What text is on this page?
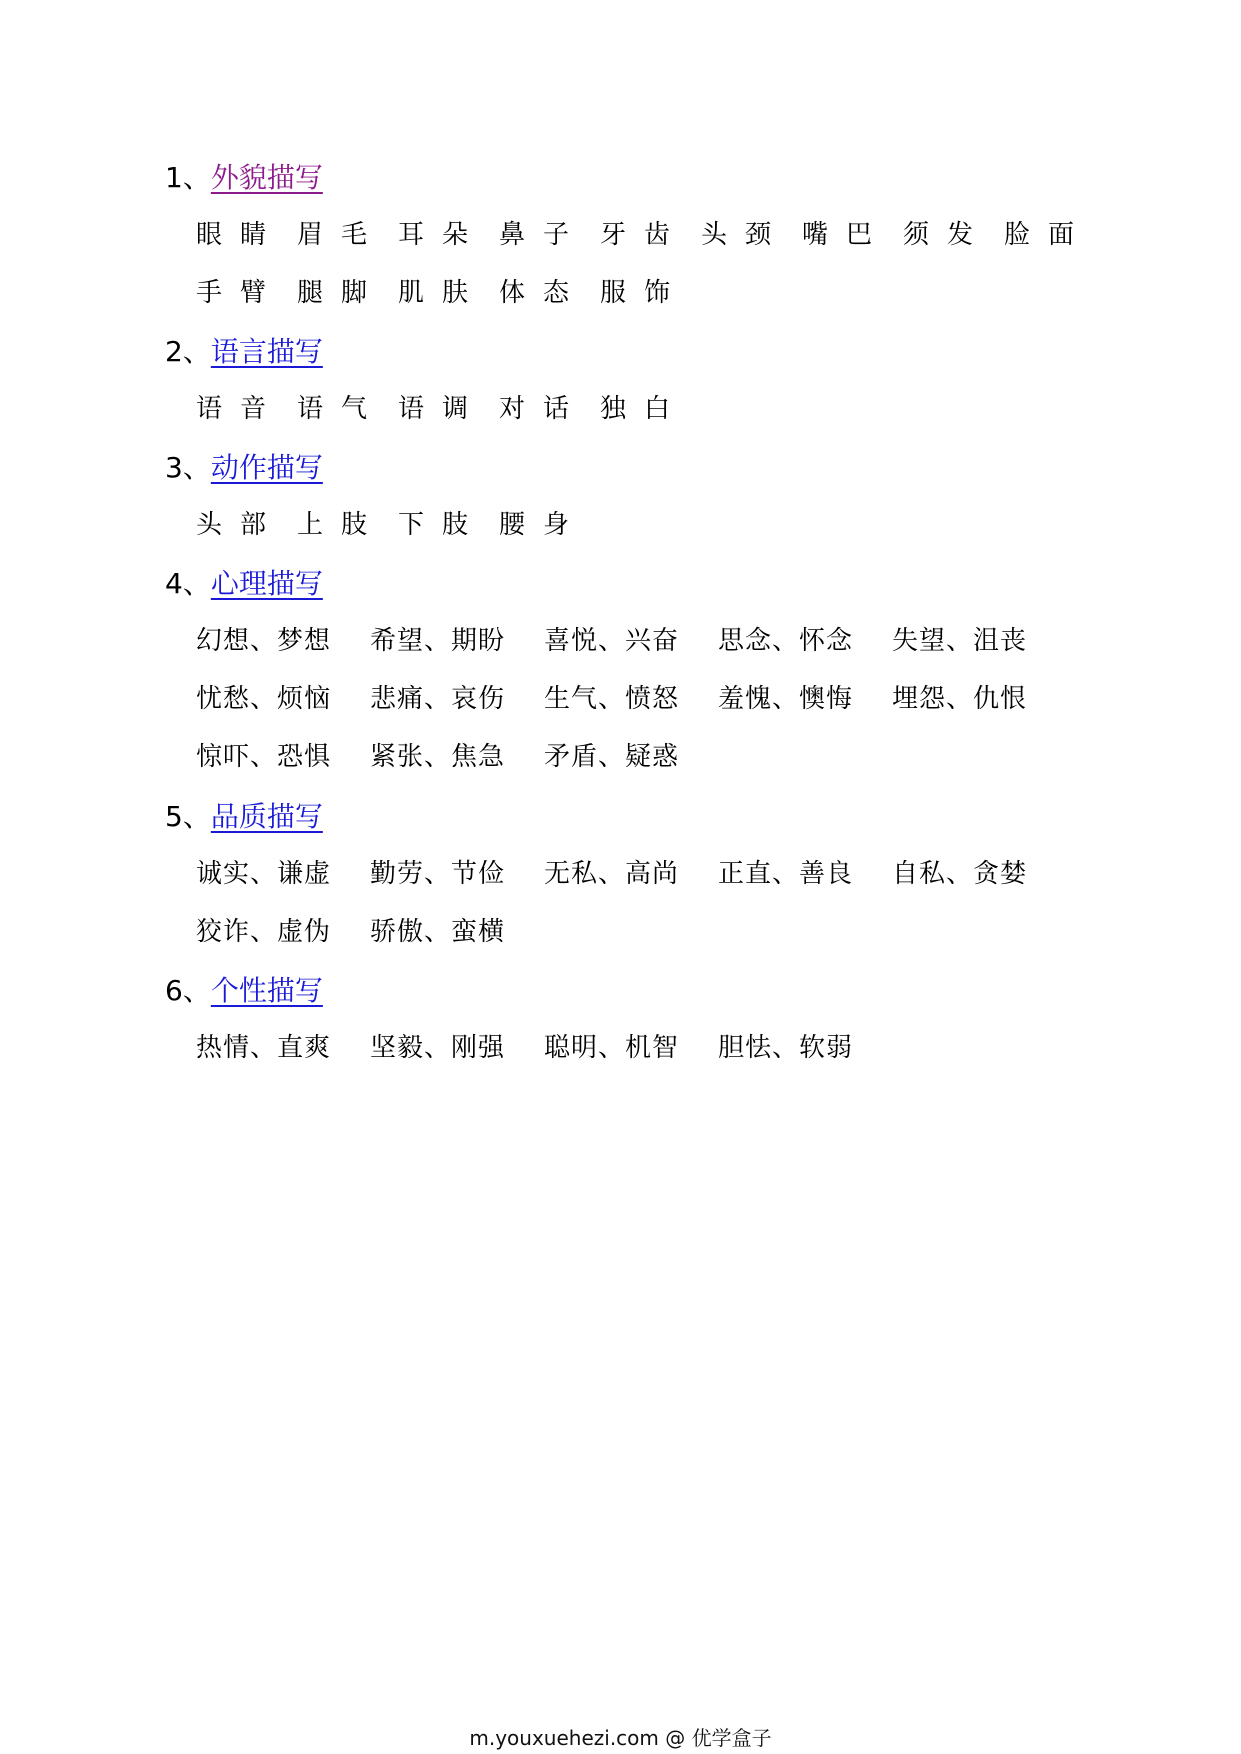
1、外貌描写
眼睛 眉毛 耳朵 鼻子 牙齿 头颈 嘴巴 须发 脸面
手臂 腿脚 肌肤 体态 服饰
2、语言描写
语音 语气 语调 对话 独白
3、动作描写
头部 上肢 下肢 腰身
4、心理描写
幻想、梦想 希望、期盼 喜悦、兴奋 思念、怀念 失望、沮丧
忧愁、烦恼 悲痛、哀伤 生气、愤怒 羞愧、懊悔 埋怨、仇恨
惊吓、恐惧 紧张、焦急 矛盾、疑惑
5、品质描写
诚实、谦虚 勤劳、节俭 无私、高尚 正直、善良 自私、贪婪
狡诈、虚伪 骄傲、蛮横
6、个性描写
热情、直爽 坚毅、刚强 聪明、机智 胆怯、软弱
m.youxuehezi.com @ 优学盒子
